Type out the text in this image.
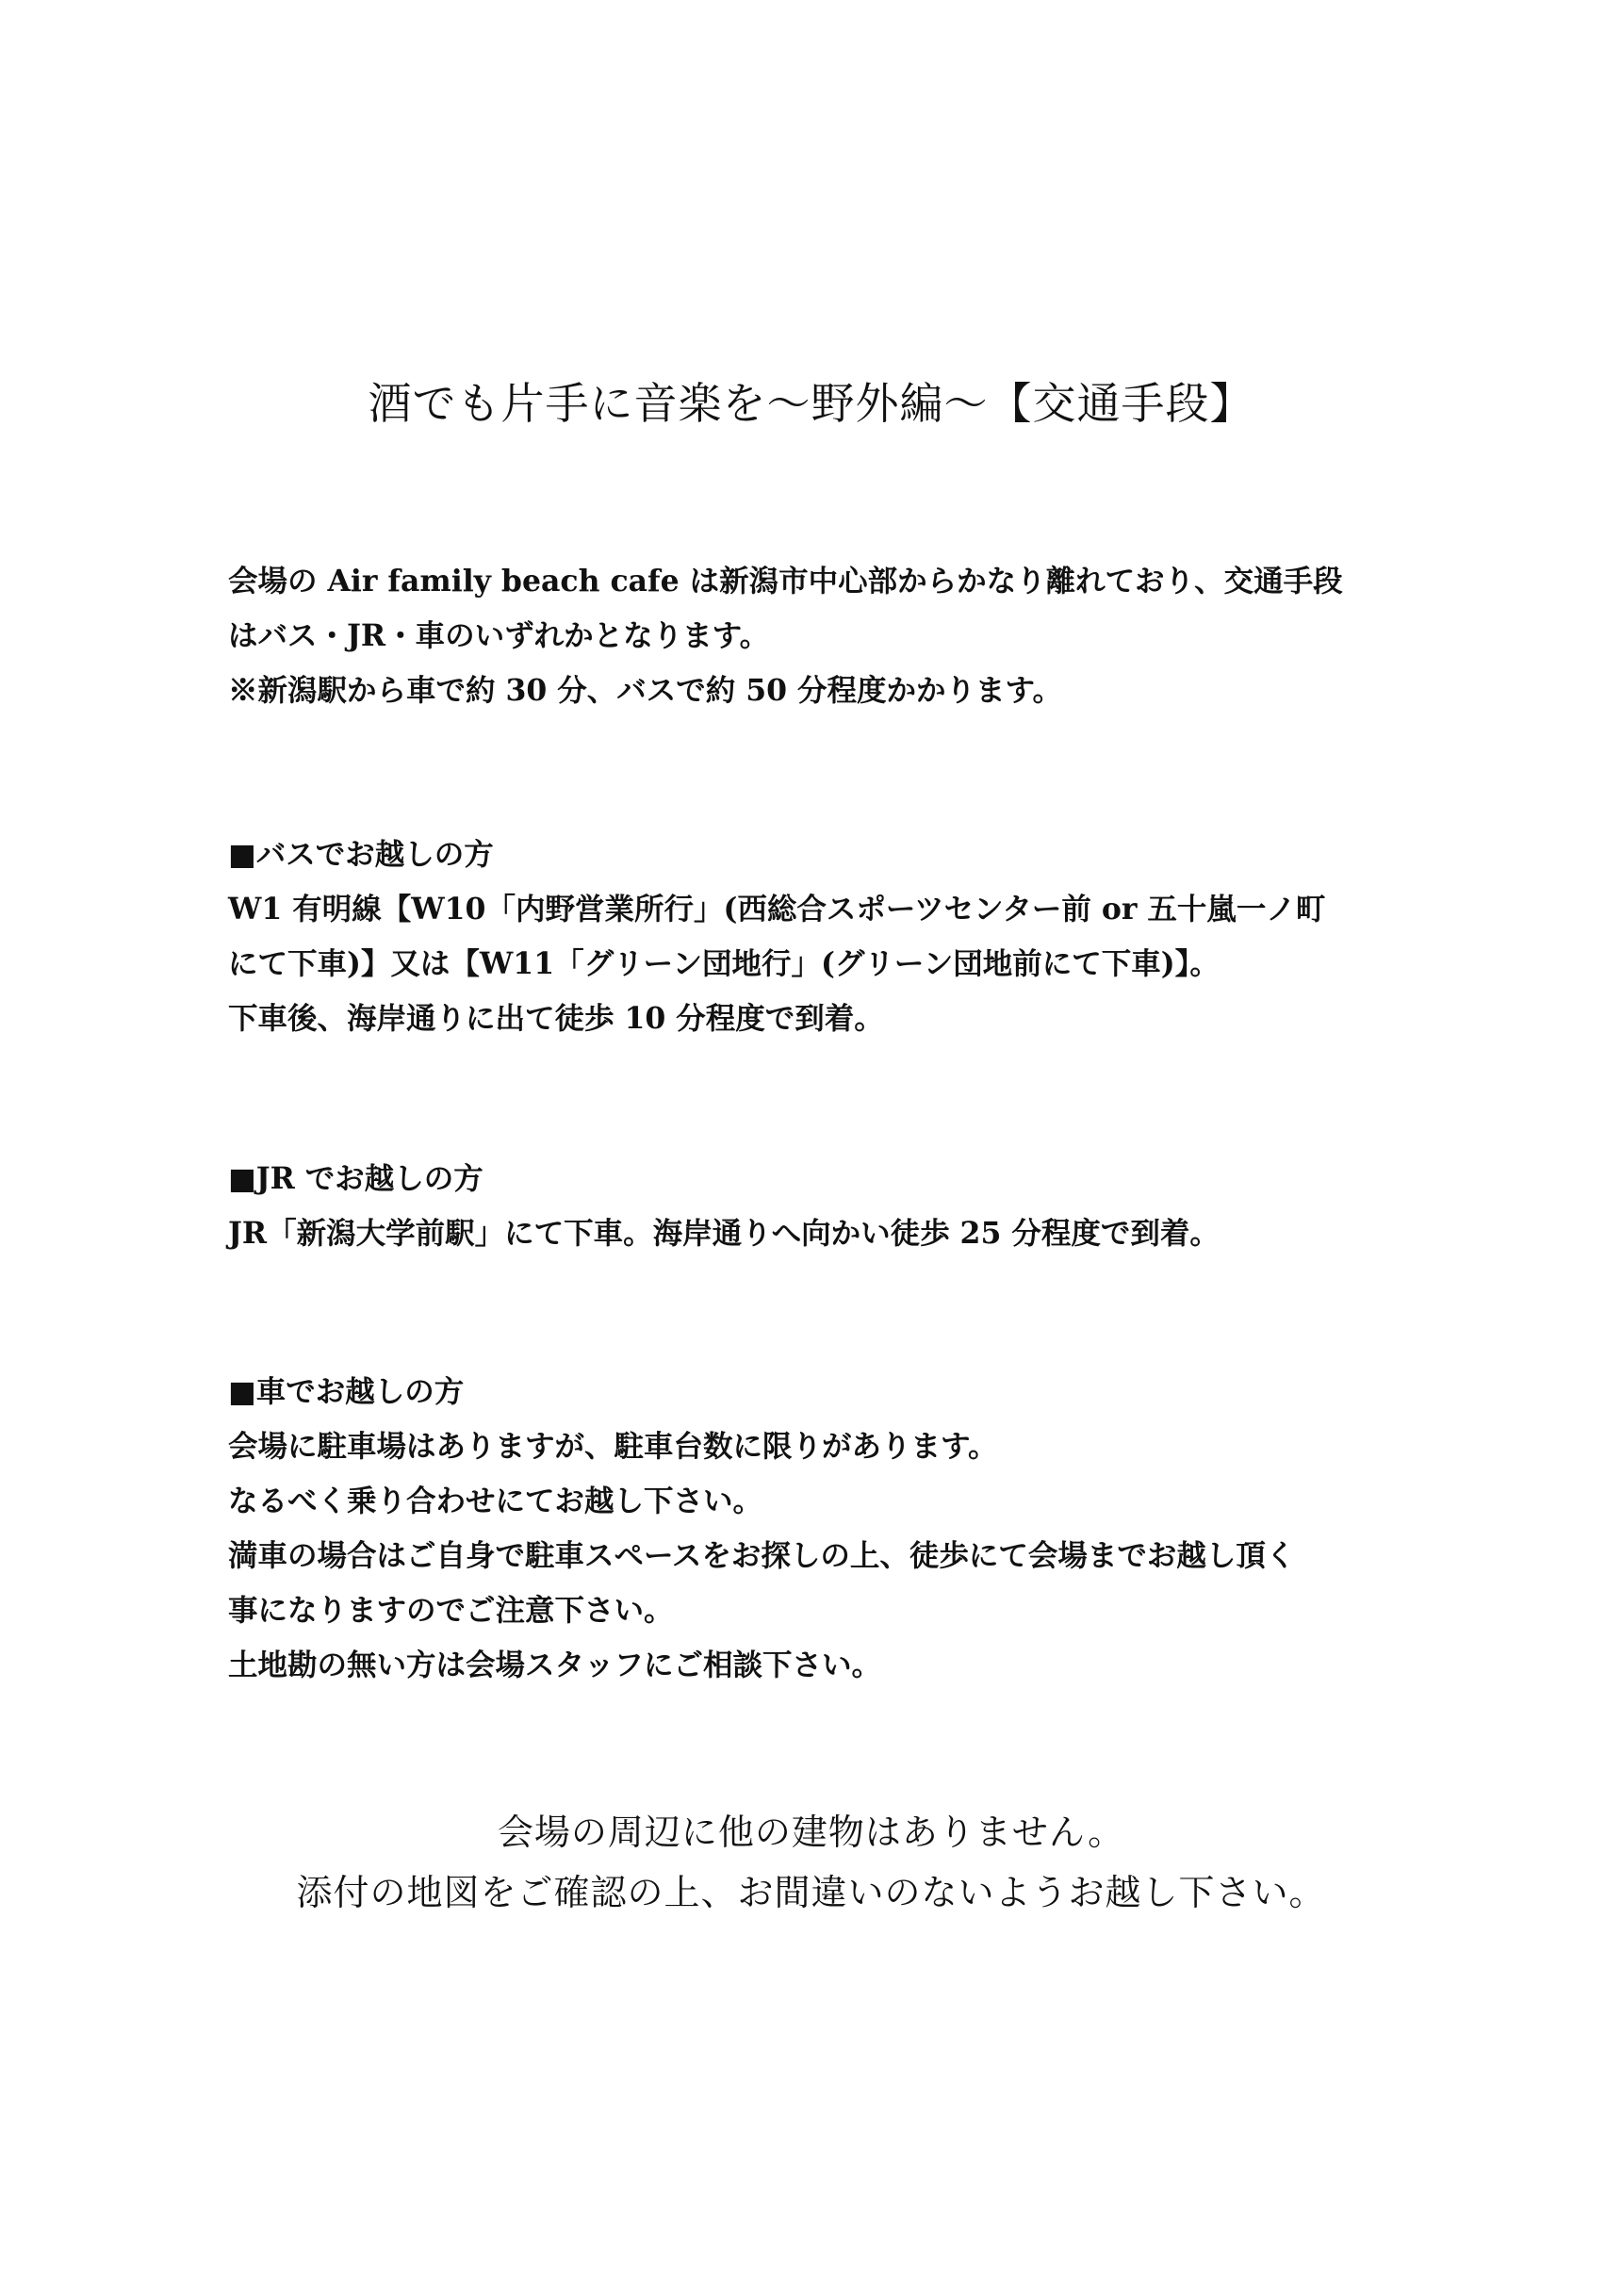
酒でも片手に音楽を〜野外編〜【交通手段】
会場の Air family beach cafe は新潟市中心部からかなり離れており、交通手段
はバス・JR・車のいずれかとなります。
※新潟駅から車で約 30 分、バスで約 50 分程度かかります。
■バスでお越しの方
W1 有明線【W10「内野営業所行」(西総合スポーツセンター前 or 五十嵐一ノ町
にて下車)】又は【W11「グリーン団地行」(グリーン団地前にて下車)】。
下車後、海岸通りに出て徒歩 10 分程度で到着。
■JR でお越しの方
JR「新潟大学前駅」にて下車。海岸通りへ向かい徒歩 25 分程度で到着。
■車でお越しの方
会場に駐車場はありますが、駐車台数に限りがあります。
なるべく乗り合わせにてお越し下さい。
満車の場合はご自身で駐車スペースをお探しの上、徒歩にて会場までお越し頂く
事になりますのでご注意下さい。
土地勘の無い方は会場スタッフにご相談下さい。
会場の周辺に他の建物はありません。
添付の地図をご確認の上、お間違いのないようお越し下さい。
